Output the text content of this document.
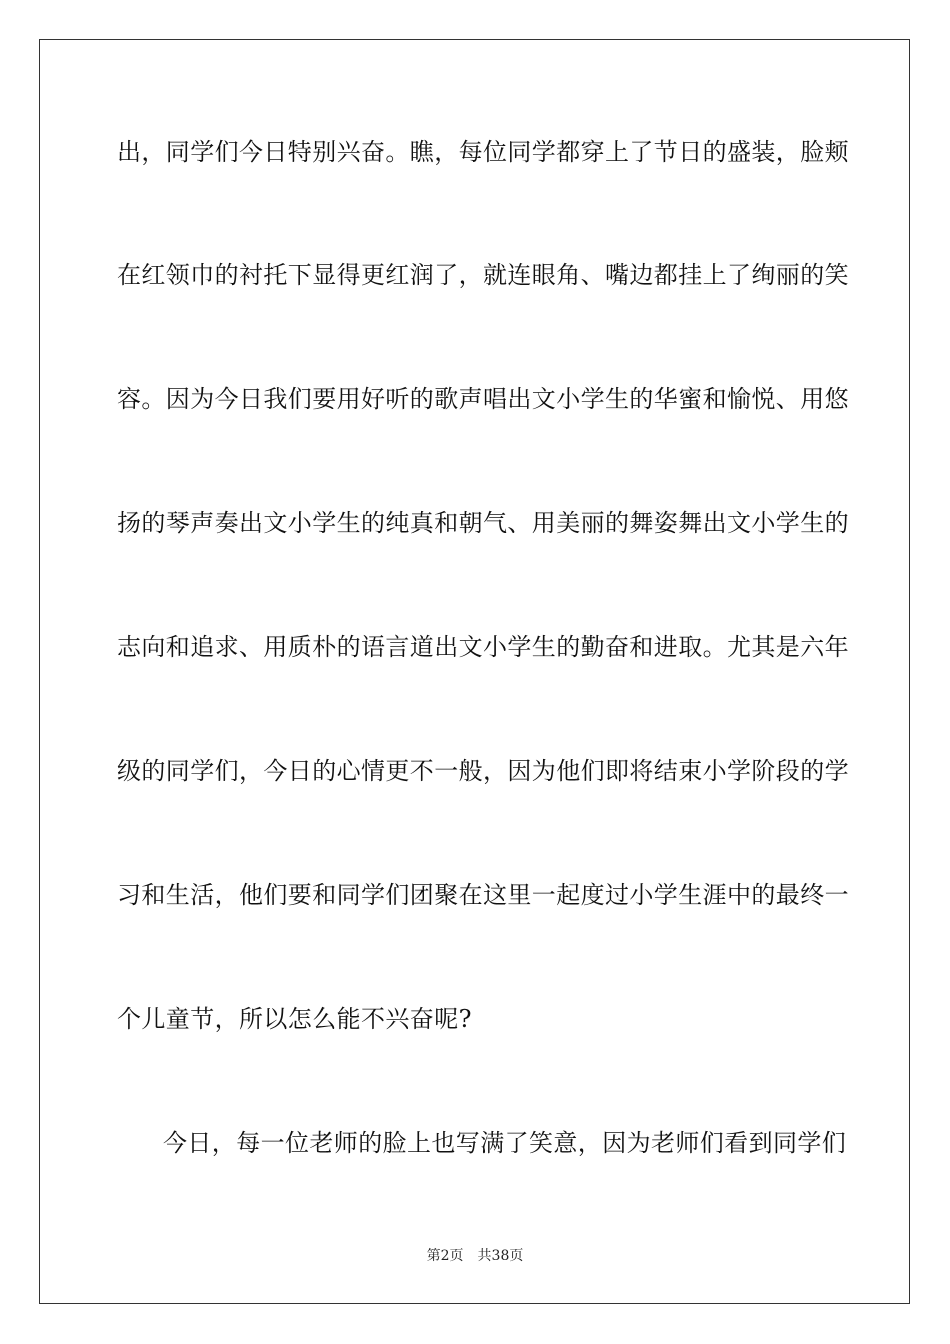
出，同学们今日特别兴奋。瞧，每位同学都穿上了节日的盛装，脸颊
在红领巾的衬托下显得更红润了，就连眼角、嘴边都挂上了绚丽的笑
容。因为今日我们要用好听的歌声唱出文小学生的华蜜和愉悦、用悠
扬的琴声奏出文小学生的纯真和朝气、用美丽的舞姿舞出文小学生的
志向和追求、用质朴的语言道出文小学生的勤奋和进取。尤其是六年
级的同学们，今日的心情更不一般，因为他们即将结束小学阶段的学
习和生活，他们要和同学们团聚在这里一起度过小学生涯中的最终一
个儿童节，所以怎么能不兴奋呢?
今日，每一位老师的脸上也写满了笑意，因为老师们看到同学们
第2页 共38页
